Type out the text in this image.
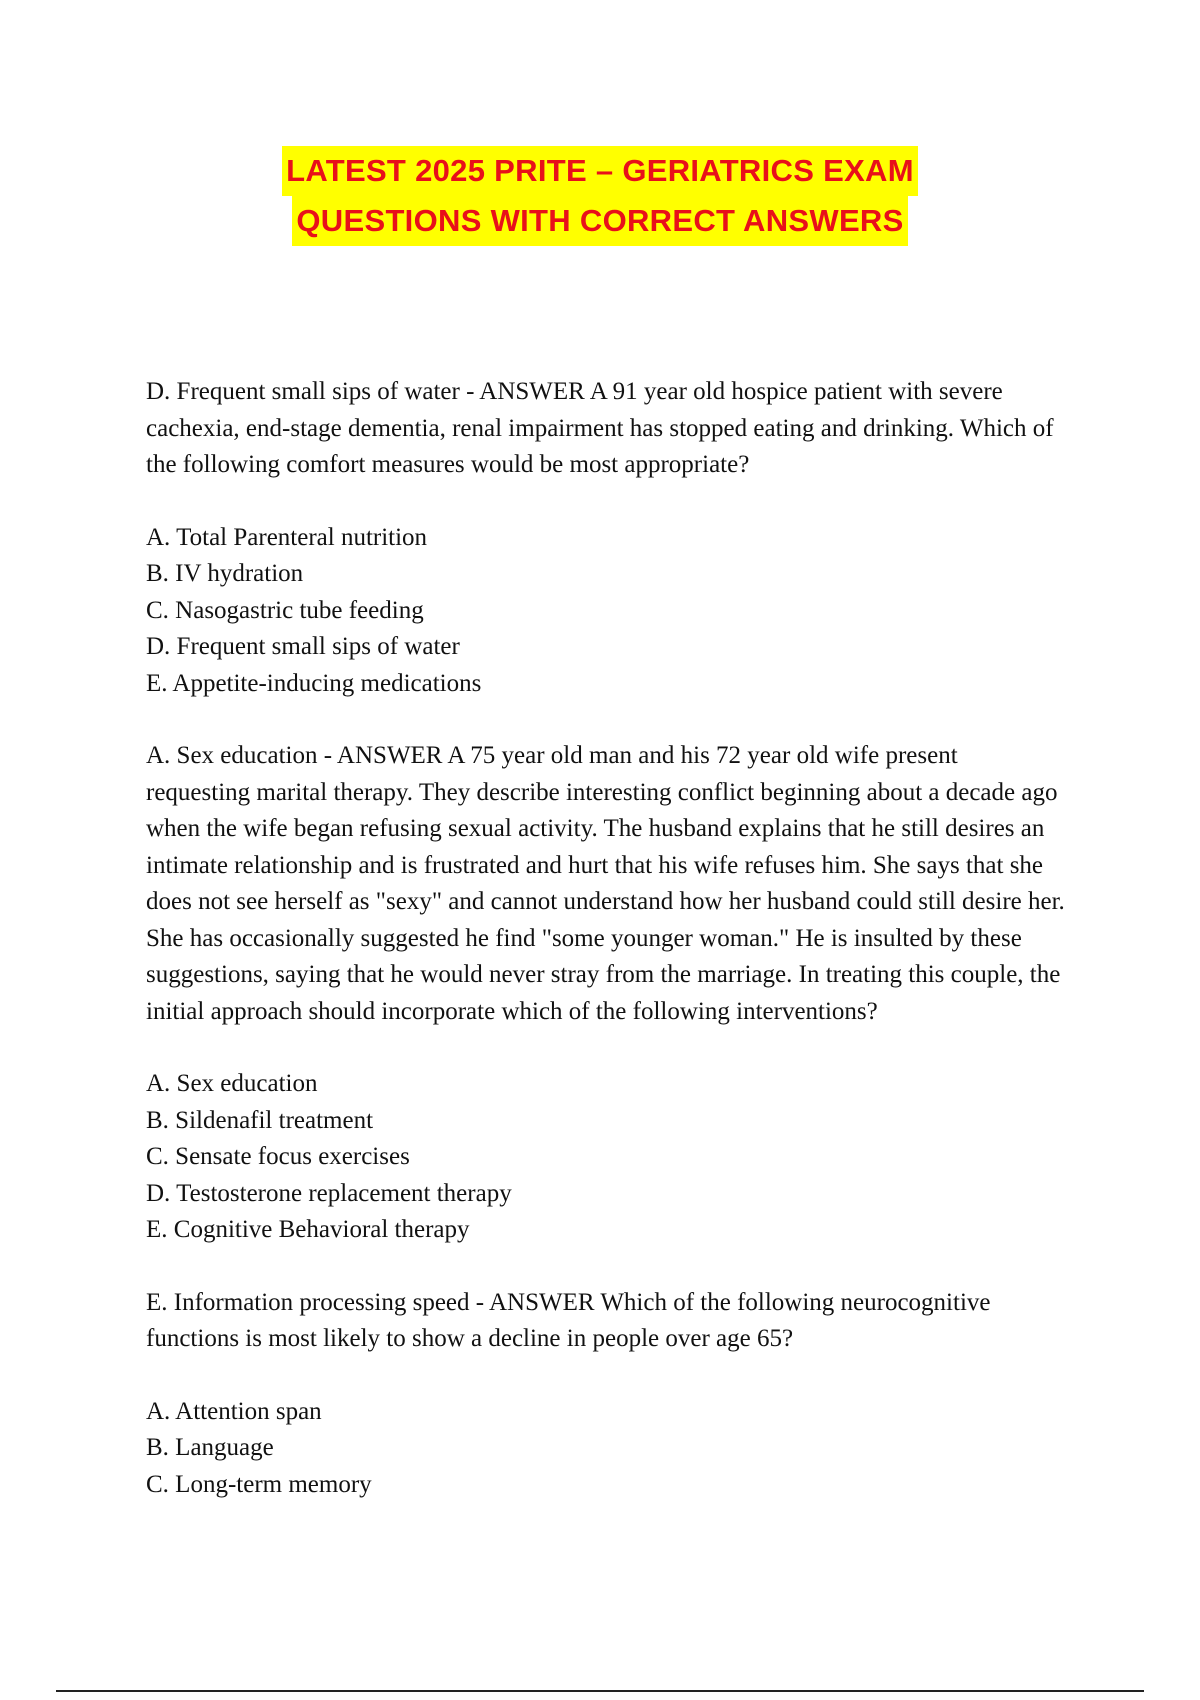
LATEST 2025 PRITE – GERIATRICS EXAM
QUESTIONS WITH CORRECT ANSWERS

D. Frequent small sips of water - ANSWER A 91 year old hospice patient with severe cachexia, end-stage dementia, renal impairment has stopped eating and drinking. Which of the following comfort measures would be most appropriate?

A. Total Parenteral nutrition
B. IV hydration
C. Nasogastric tube feeding
D. Frequent small sips of water
E. Appetite-inducing medications

A. Sex education - ANSWER A 75 year old man and his 72 year old wife present requesting marital therapy. They describe interesting conflict beginning about a decade ago when the wife began refusing sexual activity. The husband explains that he still desires an intimate relationship and is frustrated and hurt that his wife refuses him. She says that she does not see herself as "sexy" and cannot understand how her husband could still desire her. She has occasionally suggested he find "some younger woman." He is insulted by these suggestions, saying that he would never stray from the marriage. In treating this couple, the initial approach should incorporate which of the following interventions?

A. Sex education
B. Sildenafil treatment
C. Sensate focus exercises
D. Testosterone replacement therapy
E. Cognitive Behavioral therapy

E. Information processing speed - ANSWER Which of the following neurocognitive functions is most likely to show a decline in people over age 65?

A. Attention span
B. Language
C. Long-term memory
